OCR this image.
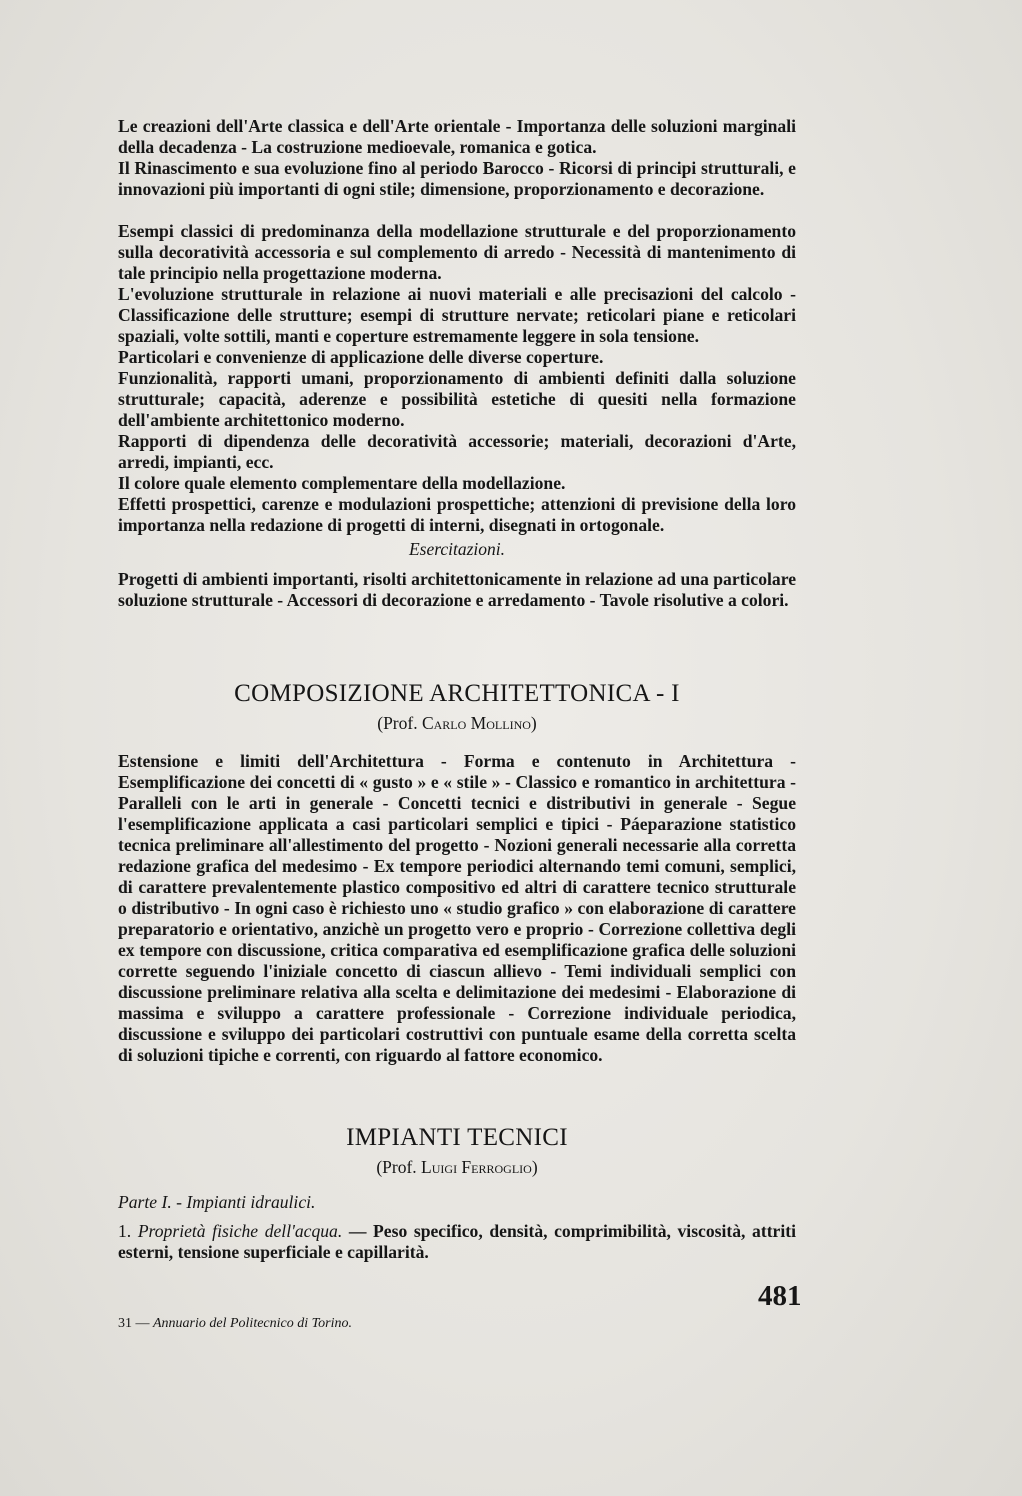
Le creazioni dell'Arte classica e dell'Arte orientale - Importanza delle soluzioni marginali della decadenza - La costruzione medioevale, romanica e gotica.

Il Rinascimento e sua evoluzione fino al periodo Barocco - Ricorsi di principi strutturali, e innovazioni più importanti di ogni stile; dimensione, proporzionamento e decorazione.

Esempi classici di predominanza della modellazione strutturale e del proporzionamento sulla decoratività accessoria e sul complemento di arredo - Necessità di mantenimento di tale principio nella progettazione moderna.

L'evoluzione strutturale in relazione ai nuovi materiali e alle precisazioni del calcolo - Classificazione delle strutture; esempi di strutture nervate; reticolari piane e reticolari spaziali, volte sottili, manti e coperture estremamente leggere in sola tensione.

Particolari e convenienze di applicazione delle diverse coperture.

Funzionalità, rapporti umani, proporzionamento di ambienti definiti dalla soluzione strutturale; capacità, aderenze e possibilità estetiche di quesiti nella formazione dell'ambiente architettonico moderno.

Rapporti di dipendenza delle decoratività accessorie; materiali, decorazioni d'Arte, arredi, impianti, ecc.

Il colore quale elemento complementare della modellazione.

Effetti prospettici, carenze e modulazioni prospettiche; attenzioni di previsione della loro importanza nella redazione di progetti di interni, disegnati in ortogonale.

Esercitazioni.

Progetti di ambienti importanti, risolti architettonicamente in relazione ad una particolare soluzione strutturale - Accessori di decorazione e arredamento - Tavole risolutive a colori.

COMPOSIZIONE ARCHITETTONICA - I
(Prof. Carlo Mollino)

Estensione e limiti dell'Architettura - Forma e contenuto in Architettura - Esemplificazione dei concetti di « gusto » e « stile » - Classico e romantico in architettura - Paralleli con le arti in generale - Concetti tecnici e distributivi in generale - Segue l'esemplificazione applicata a casi particolari semplici e tipici - Páeparazione statistico tecnica preliminare all'allestimento del progetto - Nozioni generali necessarie alla corretta redazione grafica del medesimo - Ex tempore periodici alternando temi comuni, semplici, di carattere prevalentemente plastico compositivo ed altri di carattere tecnico strutturale o distributivo - In ogni caso è richiesto uno « studio grafico » con elaborazione di carattere preparatorio e orientativo, anzichè un progetto vero e proprio - Correzione collettiva degli ex tempore con discussione, critica comparativa ed esemplificazione grafica delle soluzioni corrette seguendo l'iniziale concetto di ciascun allievo - Temi individuali semplici con discussione preliminare relativa alla scelta e delimitazione dei medesimi - Elaborazione di massima e sviluppo a carattere professionale - Correzione individuale periodica, discussione e sviluppo dei particolari costruttivi con puntuale esame della corretta scelta di soluzioni tipiche e correnti, con riguardo al fattore economico.

IMPIANTI TECNICI
(Prof. Luigi Ferroglio)
Parte I. - Impianti idraulici.

1. Proprietà fisiche dell'acqua. — Peso specifico, densità, comprimibilità, viscosità, attriti esterni, tensione superficiale e capillarità.

481
31 — Annuario del Politecnico di Torino.
